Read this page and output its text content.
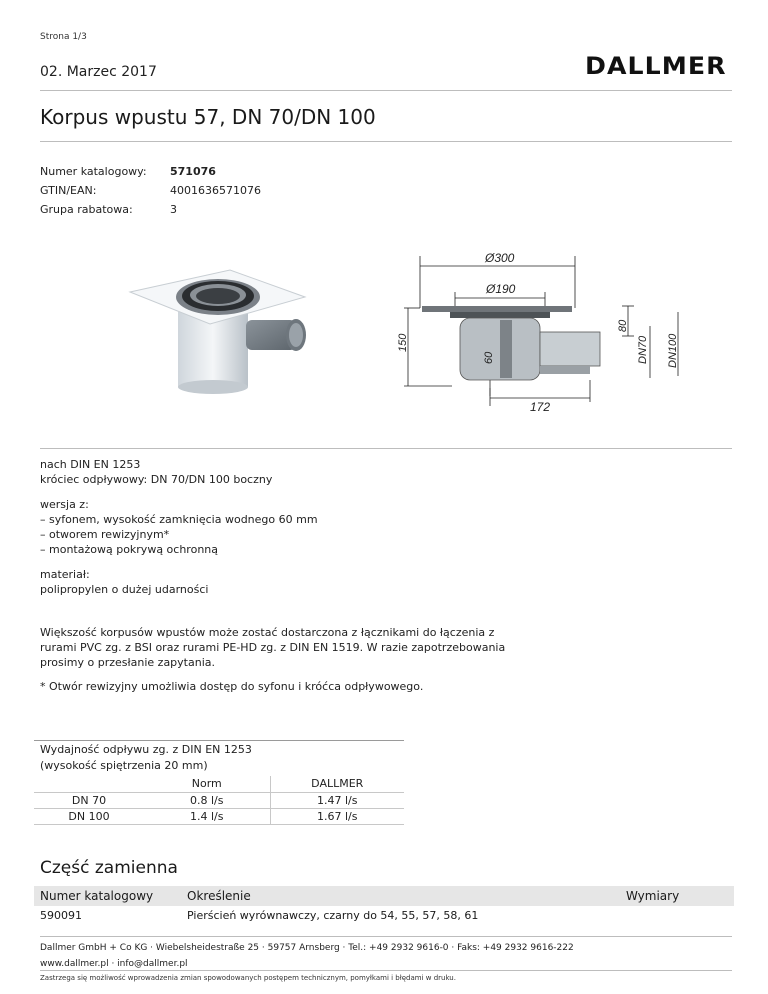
Strona 1/3
02. Marzec 2017	DALLMER
Korpus wpustu 57, DN 70/DN 100
Numer katalogowy:	571076
GTIN/EAN:	4001636571076
Grupa rabatowa:	3
Ø300
Ø190
150
80
60	DN70 DN100
172
nach DIN EN 1253
króciec odpływowy: DN 70/DN 100 boczny
wersja z:
– syfonem, wysokość zamknięcia wodnego 60 mm
– otworem rewizyjnym*
– montażową pokrywą ochronną
materiał:
polipropylen o dużej udarności
Większość korpusów wpustów może zostać dostarczona z łącznikami do łączenia z
rurami PVC zg. z BSI oraz rurami PE-HD zg. z DIN EN 1519. W razie zapotrzebowania
prosimy o przesłanie zapytania.
* Otwór rewizyjny umożliwia dostęp do syfonu i króćca odpływowego.
Wydajność odpływu zg. z DIN EN 1253
(wysokość spiętrzenia 20 mm)
	Norm	DALLMER
DN 70	0.8 l/s	1.47 l/s
DN 100	1.4 l/s	1.67 l/s
Część zamienna
Numer katalogowy	Określenie	Wymiary
590091	Pierścień wyrównawczy, czarny do 54, 55, 57, 58, 61
Dallmer GmbH + Co KG · Wiebelsheidestraße 25 · 59757 Arnsberg · Tel.: +49 2932 9616-0 · Faks: +49 2932 9616-222
www.dallmer.pl · info@dallmer.pl
Zastrzega się możliwość wprowadzenia zmian spowodowanych postępem technicznym, pomyłkami i błędami w druku.
